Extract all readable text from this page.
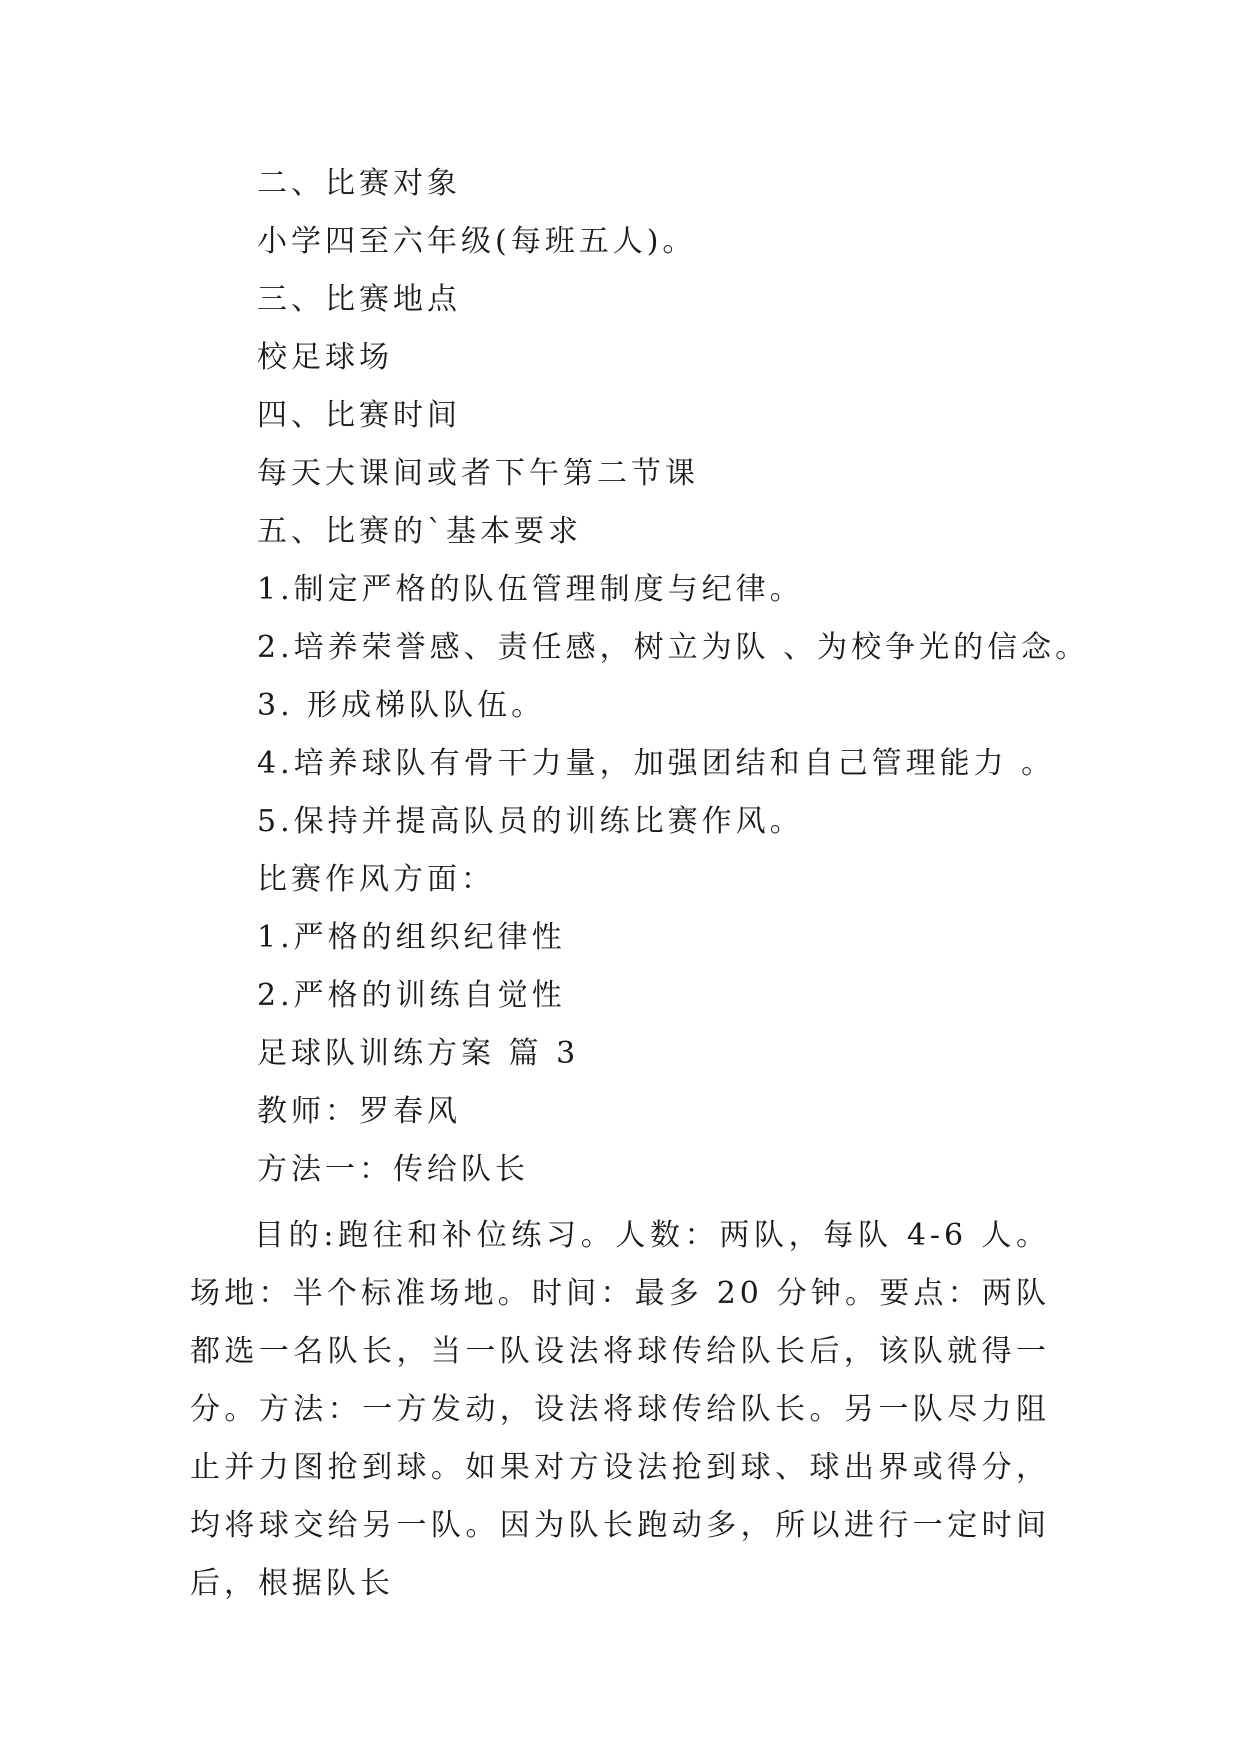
二、比赛对象
小学四至六年级(每班五人)。
三、比赛地点
校足球场
四、比赛时间
每天大课间或者下午第二节课
五、比赛的`基本要求
1.制定严格的队伍管理制度与纪律。
2.培养荣誉感、责任感，树立为队 、为校争光的信念。
3. 形成梯队队伍。
4.培养球队有骨干力量，加强团结和自己管理能力 。
5.保持并提高队员的训练比赛作风。
比赛作风方面：
1.严格的组织纪律性
2.严格的训练自觉性
足球队训练方案 篇 3
教师：罗春风
方法一：传给队长

目的:跑往和补位练习。人数：两队，每队 4-6 人。场地：半个标准场地。时间：最多 20 分钟。要点：两队都选一名队长，当一队设法将球传给队长后，该队就得一分。方法：一方发动，设法将球传给队长。另一队尽力阻止并力图抢到球。如果对方设法抢到球、球出界或得分，均将球交给另一队。因为队长跑动多，所以进行一定时间后，根据队长
